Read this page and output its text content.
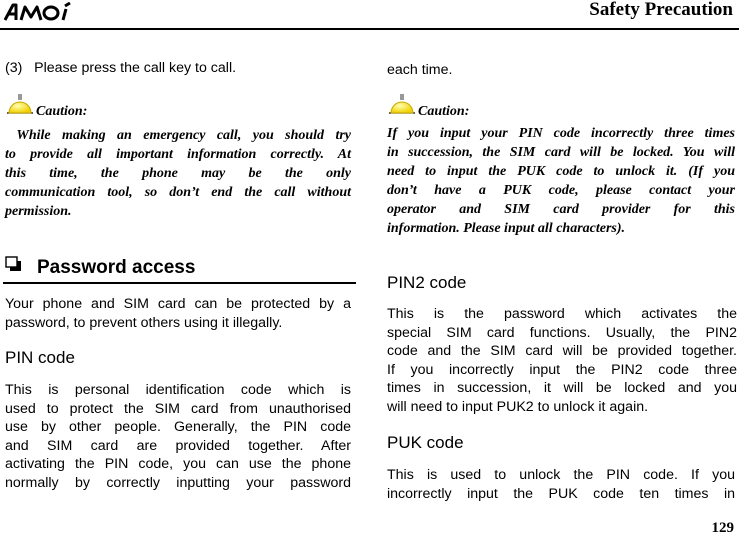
AMOI
Safety Precaution
(3)   Please press the call key to call.
Caution:
While making an emergency call, you should try
to provide all important information correctly. At
this time, the phone may be the only
communication tool, so don’t end the call without
permission.
Password access
Your phone and SIM card can be protected by a
password, to prevent others using it illegally.
PIN code
This is personal identification code which is
used to protect the SIM card from unauthorised
use by other people. Generally, the PIN code
and SIM card are provided together. After
activating the PIN code, you can use the phone
normally by correctly inputting your password
each time.
Caution:
If you input your PIN code incorrectly three times
in succession, the SIM card will be locked. You will
need to input the PUK code to unlock it. (If you
don’t have a PUK code, please contact your
operator and SIM card provider for this
information. Please input all characters).
PIN2 code
This is the password which activates the
special SIM card functions. Usually, the PIN2
code and the SIM card will be provided together.
If you incorrectly input the PIN2 code three
times in succession, it will be locked and you
will need to input PUK2 to unlock it again.
PUK code
This is used to unlock the PIN code. If you
incorrectly input the PUK code ten times in
129
